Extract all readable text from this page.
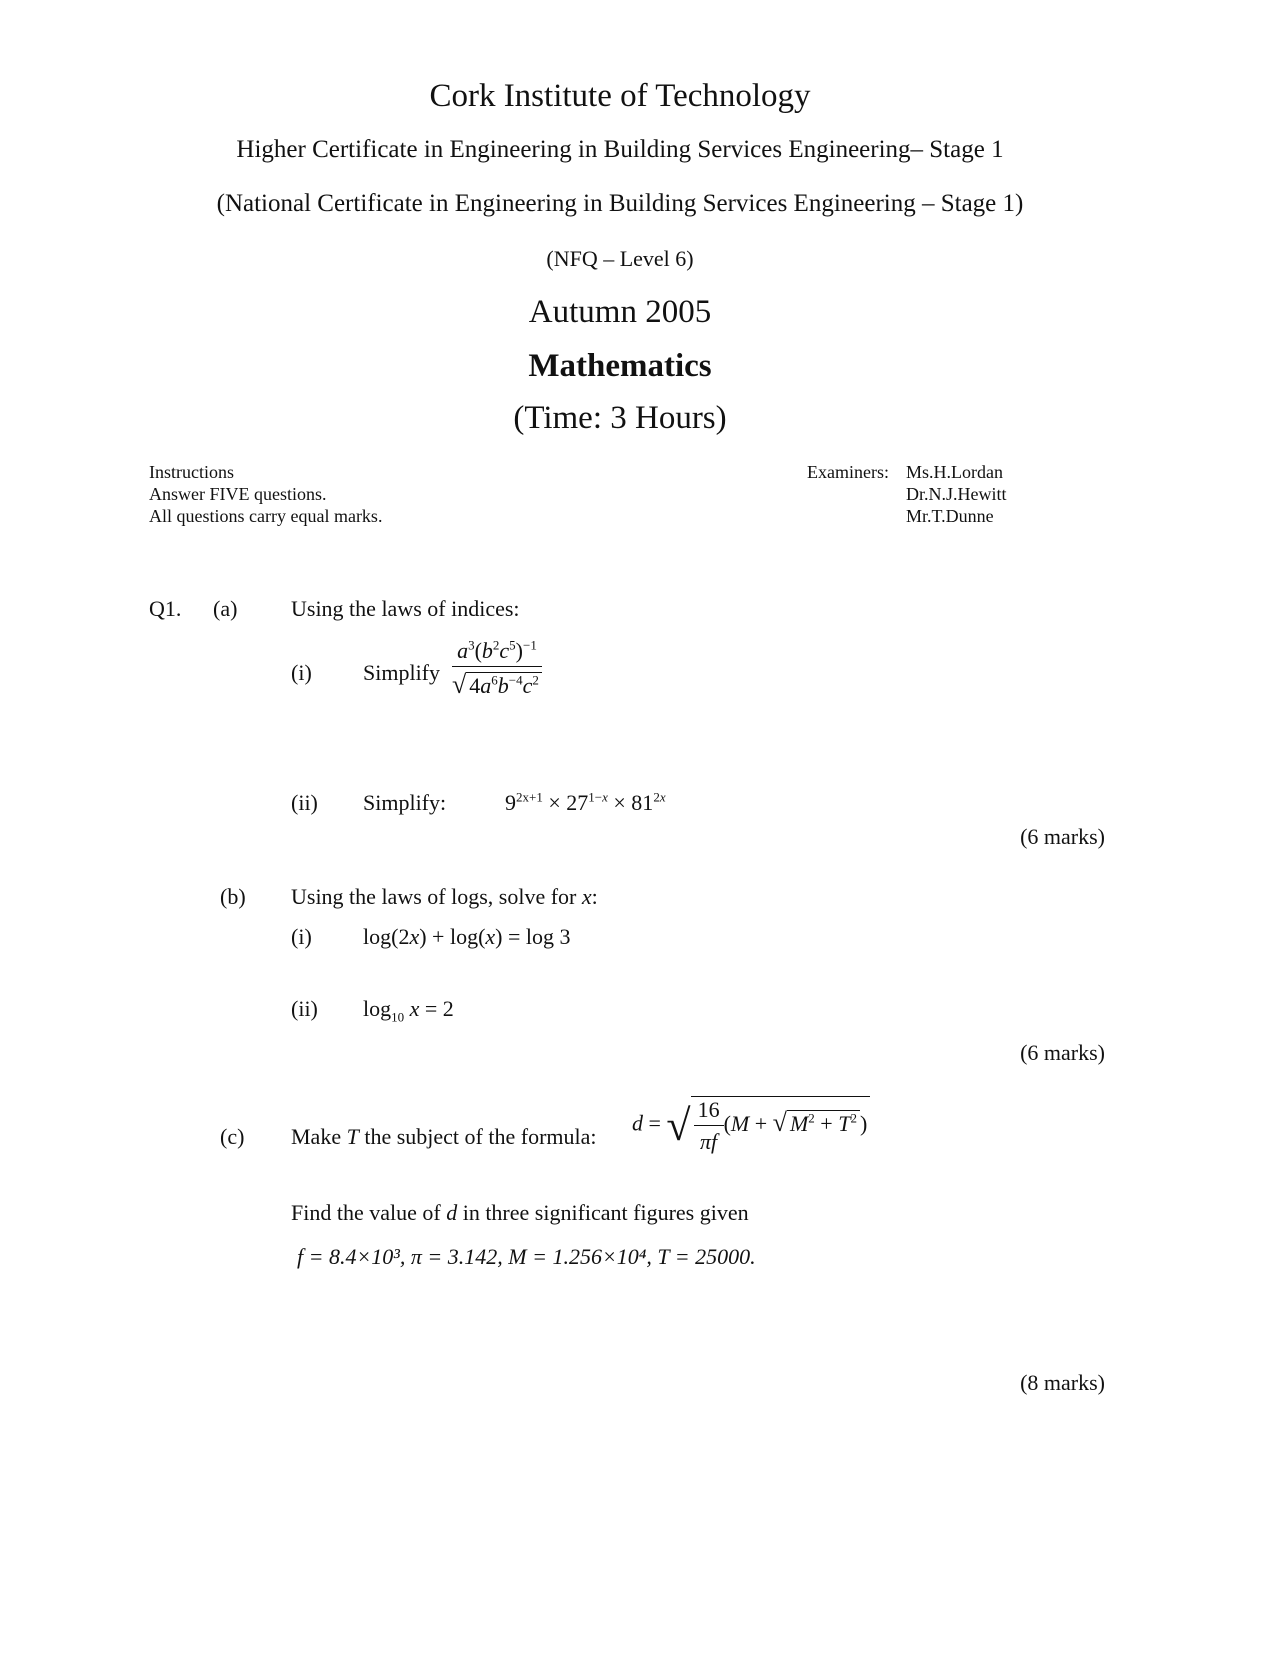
Cork Institute of Technology
Higher Certificate in Engineering in Building Services Engineering– Stage 1
(National Certificate in Engineering in Building Services Engineering – Stage 1)
(NFQ – Level 6)
Autumn 2005
Mathematics
(Time: 3 Hours)
Instructions
Answer FIVE questions.
All questions carry equal marks.
Examiners: Ms.H.Lordan
Dr.N.J.Hewitt
Mr.T.Dunne
Q1. (a) Using the laws of indices:
(i) Simplify $\frac{a^3(b^2c^5)^{-1}}{√ 4a^6b^{-4}c^2}$
(ii) Simplify:	$9^{2x+1} \times 27^{1-x} \times 81^{2x}$
(6 marks)
(b) Using the laws of logs, solve for x:
(i) log(2x) + log(x) = log 3
(ii) $\log_{10} x = 2$
(6 marks)
(c) Make T the subject of the formula:
d = √ $\frac{16}{\pi f} (M$ + √ $M^2 + T^2$ )
Find the value of d in three significant figures given
f = 8.4×10³, π = 3.142, M = 1.256×10⁴, T = 25000.
(8 marks)
